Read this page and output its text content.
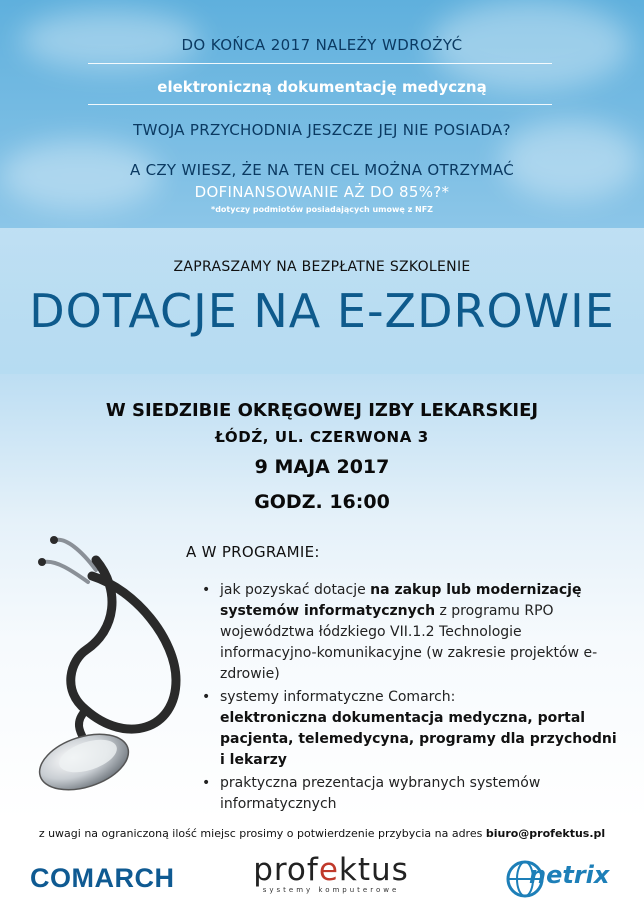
DO KOŃCA 2017 NALEŻY WDROŻYĆ
elektroniczną dokumentację medyczną
TWOJA PRZYCHODNIA JESZCZE JEJ NIE POSIADA?
A CZY WIESZ, ŻE NA TEN CEL MOŻNA OTRZYMAĆ
DOFINANSOWANIE AŻ DO 85%?*
*dotyczy podmiotów posiadających umowę z NFZ
ZAPRASZAMY NA BEZPŁATNE SZKOLENIE
DOTACJE NA E-ZDROWIE
W SIEDZIBIE OKRĘGOWEJ IZBY LEKARSKIEJ
ŁÓDŹ, UL. CZERWONA 3
9 MAJA 2017
GODZ. 16:00
A W PROGRAMIE:
• jak pozyskać dotacje na zakup lub modernizację systemów informatycznych z programu RPO województwa łódzkiego VII.1.2 Technologie informacyjno-komunikacyjne (w zakresie projektów e-zdrowie)
• systemy informatyczne Comarch:
elektroniczna dokumentacja medyczna, portal pacjenta, telemedycyna, programy dla przychodni i lekarzy
• praktyczna prezentacja wybranych systemów informatycznych
z uwagi na ograniczoną ilość miejsc prosimy o potwierdzenie przybycia na adres biuro@profektus.pl
COMARCH	profektus
systemy komputerowe
netrix
